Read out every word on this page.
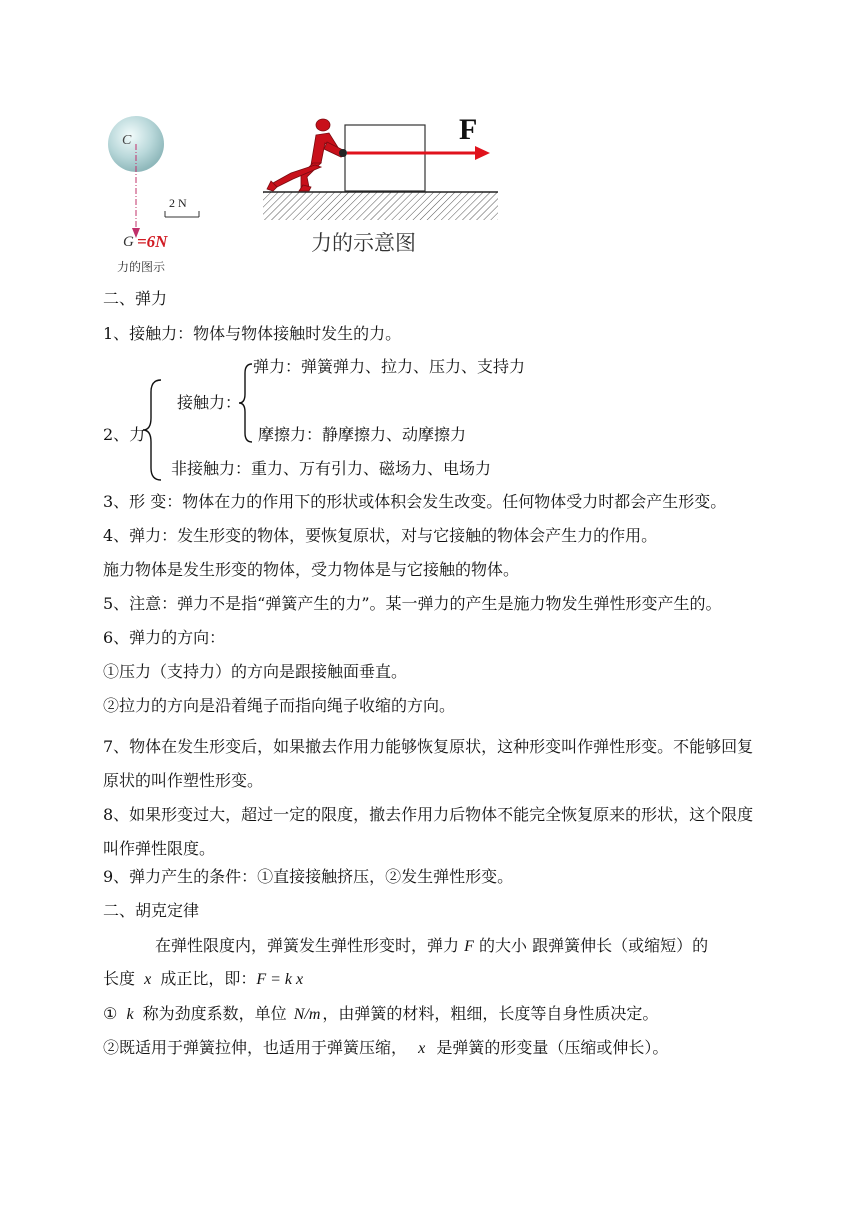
C
2 N
G =6N
力的图示
F
力的示意图
二、弹力
1、接触力：物体与物体接触时发生的力。
2、力
接触力：
弹力：弹簧弹力、拉力、压力、支持力
摩擦力：静摩擦力、动摩擦力
非接触力：重力、万有引力、磁场力、电场力
3、形 变：物体在力的作用下的形状或体积会发生改变。任何物体受力时都会产生形变。
4、弹力：发生形变的物体，要恢复原状，对与它接触的物体会产生力的作用。
施力物体是发生形变的物体，受力物体是与它接触的物体。
5、注意：弹力不是指“弹簧产生的力”。某一弹力的产生是施力物发生弹性形变产生的。
6、弹力的方向：
①压力（支持力）的方向是跟接触面垂直。
②拉力的方向是沿着绳子而指向绳子收缩的方向。
7、物体在发生形变后，如果撤去作用力能够恢复原状，这种形变叫作弹性形变。不能够回复原状的叫作塑性形变。
8、如果形变过大，超过一定的限度，撤去作用力后物体不能完全恢复原来的形状，这个限度叫作弹性限度。
9、弹力产生的条件：①直接接触挤压，②发生弹性形变。
二、胡克定律
在弹性限度内，弹簧发生弹性形变时，弹力 F 的大小 跟弹簧伸长（或缩短）的
长度 x 成正比，即：F = k x
① k 称为劲度系数，单位 N/m ，由弹簧的材料，粗细，长度等自身性质决定。
②既适用于弹簧拉伸，也适用于弹簧压缩， x 是弹簧的形变量（压缩或伸长）。
